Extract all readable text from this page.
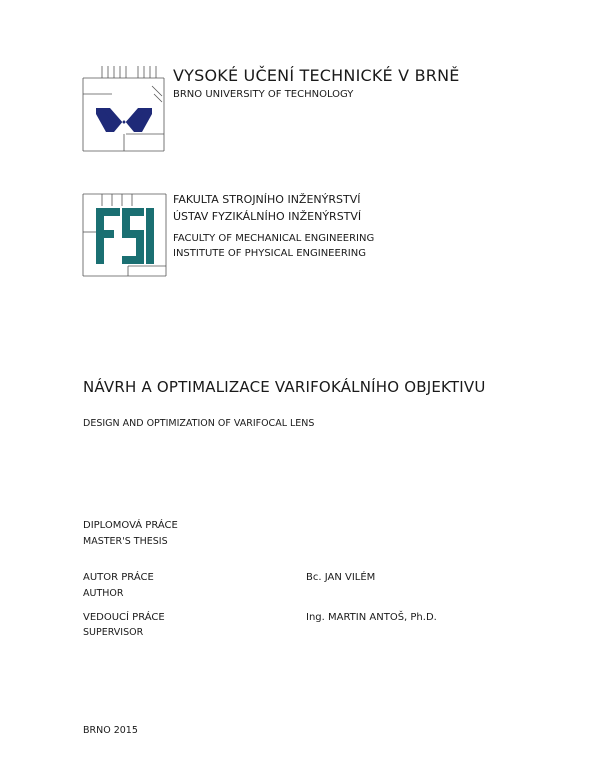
VYSOKÉ UČENÍ TECHNICKÉ V BRNĚ
BRNO UNIVERSITY OF TECHNOLOGY
FAKULTA STROJNÍHO INŽENÝRSTVÍ
ÚSTAV FYZIKÁLNÍHO INŽENÝRSTVÍ
FACULTY OF MECHANICAL ENGINEERING
INSTITUTE OF PHYSICAL ENGINEERING
NÁVRH A OPTIMALIZACE VARIFOKÁLNÍHO OBJEKTIVU
DESIGN AND OPTIMIZATION OF VARIFOCAL LENS
DIPLOMOVÁ PRÁCE
MASTER'S THESIS
AUTOR PRÁCE
AUTHOR
Bc. JAN VILÉM
VEDOUCÍ PRÁCE
SUPERVISOR
Ing. MARTIN ANTOŠ, Ph.D.
BRNO 2015
